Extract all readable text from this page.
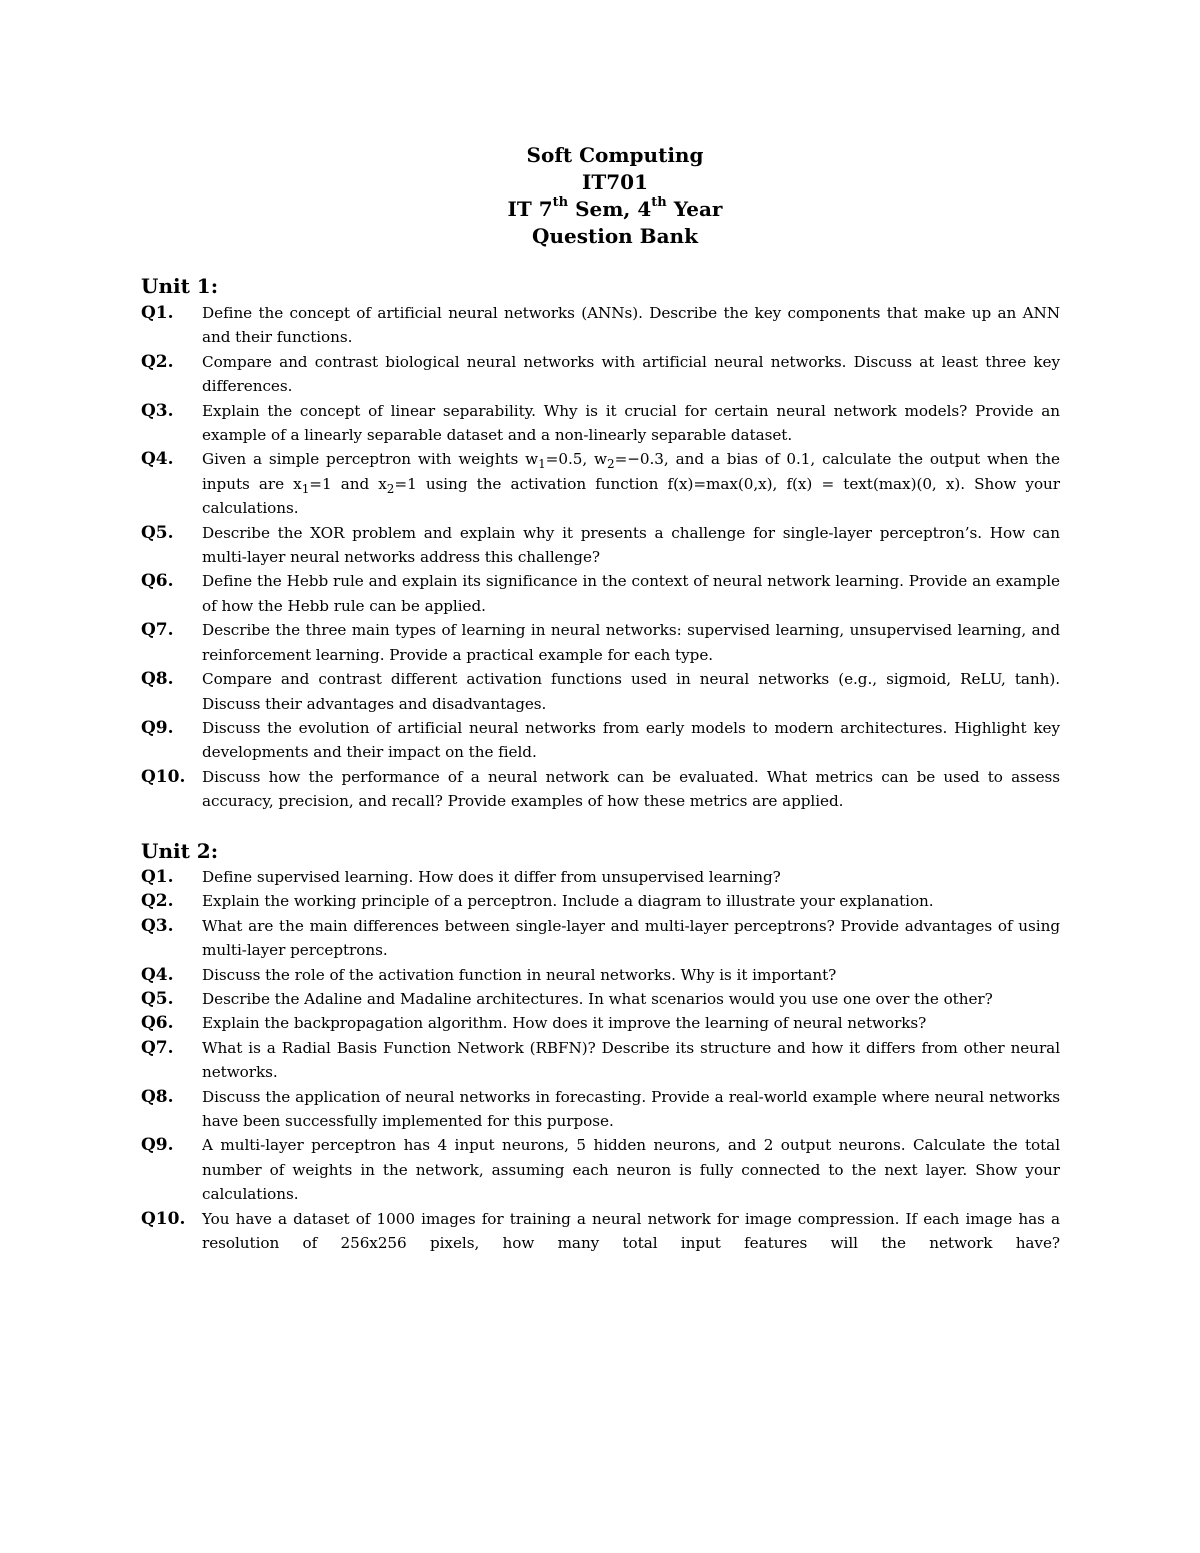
Soft Computing
IT701
IT 7th Sem, 4th Year
Question Bank
Unit 1:
Q1.	Define the concept of artificial neural networks (ANNs). Describe the key components that make up an ANN and their functions.
Q2.	Compare and contrast biological neural networks with artificial neural networks. Discuss at least three key differences.
Q3.	Explain the concept of linear separability. Why is it crucial for certain neural network models? Provide an example of a linearly separable dataset and a non-linearly separable dataset.
Q4.	Given a simple perceptron with weights $w_1=0.5$, $w_2=-0.3$, and a bias of 0.1, calculate the output when the inputs are $x_1=1$ and $x_2=1$ using the activation function f(x)=max(0,x), f(x) = text(max)(0, x). Show your calculations.
Q5.	Describe the XOR problem and explain why it presents a challenge for single-layer perceptron’s. How can multi-layer neural networks address this challenge?
Q6.	Define the Hebb rule and explain its significance in the context of neural network learning. Provide an example of how the Hebb rule can be applied.
Q7.	Describe the three main types of learning in neural networks: supervised learning, unsupervised learning, and reinforcement learning. Provide a practical example for each type.
Q8.	Compare and contrast different activation functions used in neural networks (e.g., sigmoid, ReLU, tanh). Discuss their advantages and disadvantages.
Q9.	Discuss the evolution of artificial neural networks from early models to modern architectures. Highlight key developments and their impact on the field.
Q10.	Discuss how the performance of a neural network can be evaluated. What metrics can be used to assess accuracy, precision, and recall? Provide examples of how these metrics are applied.
Unit 2:
Q1.	Define supervised learning. How does it differ from unsupervised learning?
Q2.	Explain the working principle of a perceptron. Include a diagram to illustrate your explanation.
Q3.	What are the main differences between single-layer and multi-layer perceptrons? Provide advantages of using multi-layer perceptrons.
Q4.	Discuss the role of the activation function in neural networks. Why is it important?
Q5.	Describe the Adaline and Madaline architectures. In what scenarios would you use one over the other?
Q6.	Explain the backpropagation algorithm. How does it improve the learning of neural networks?
Q7.	What is a Radial Basis Function Network (RBFN)? Describe its structure and how it differs from other neural networks.
Q8.	Discuss the application of neural networks in forecasting. Provide a real-world example where neural networks have been successfully implemented for this purpose.
Q9.	A multi-layer perceptron has 4 input neurons, 5 hidden neurons, and 2 output neurons. Calculate the total number of weights in the network, assuming each neuron is fully connected to the next layer. Show your calculations.
Q10.	You have a dataset of 1000 images for training a neural network for image compression. If each image has a resolution of 256x256 pixels, how many total input features will the network have?
